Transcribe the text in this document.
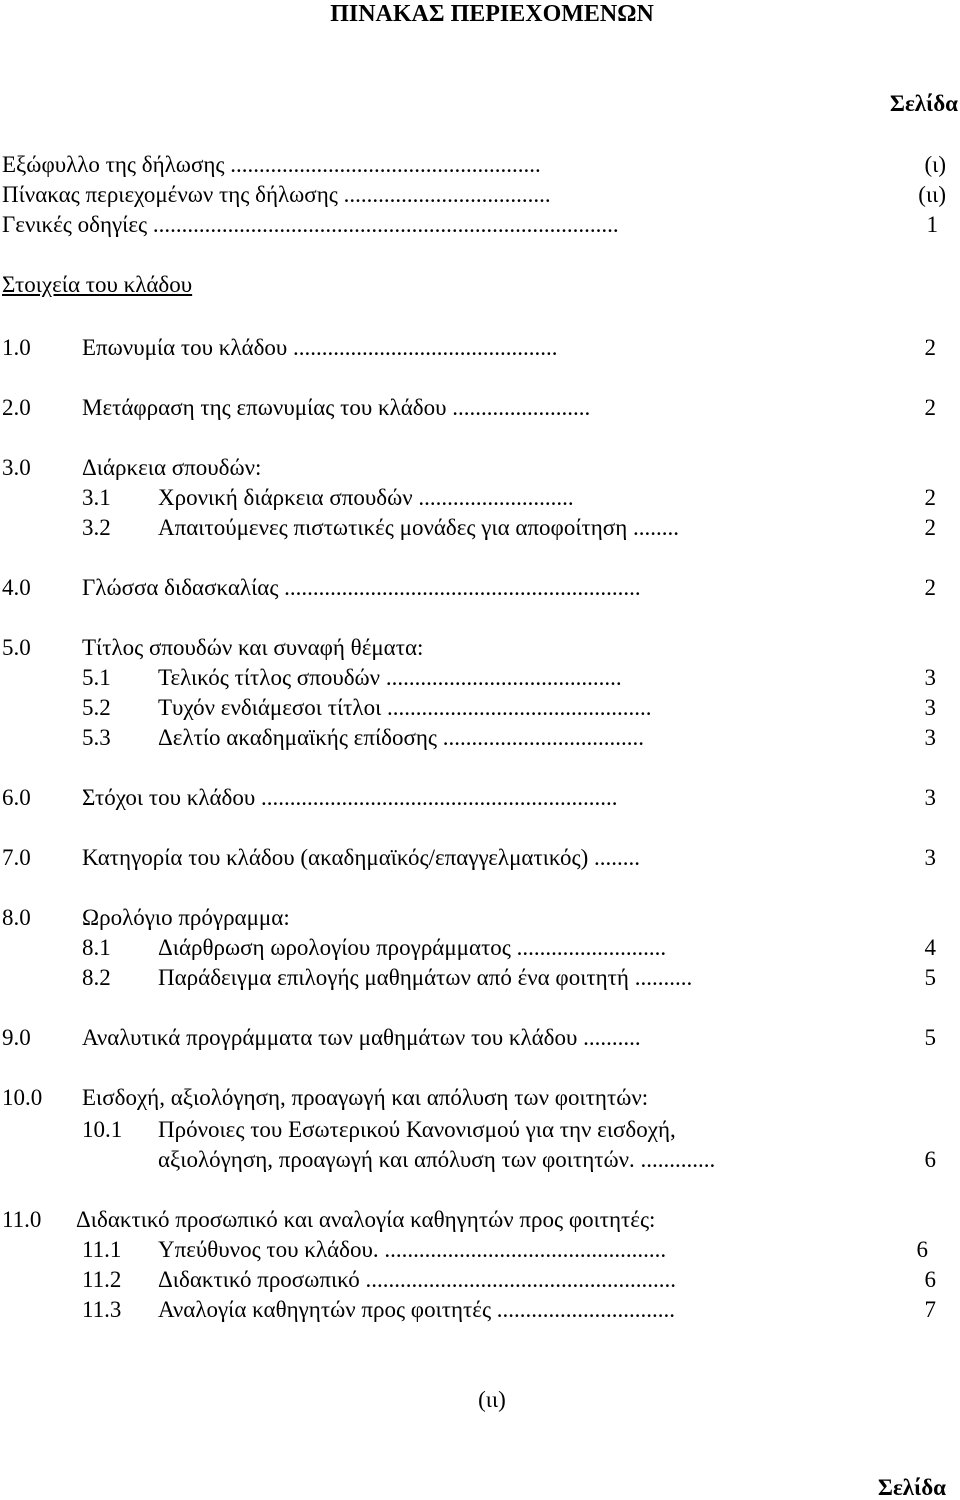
ΠΙΝΑΚΑΣ ΠΕΡΙΕΧΟΜΕΝΩΝ
Σελίδα
Εξώφυλλο της δήλωσης ......................................................	(ι)
Πίνακας περιεχομένων της δήλωσης ....................................	(ιι)
Γενικές οδηγίες .................................................................................	1
Στοιχεία του κλάδου
1.0 Επωνυμία του κλάδου ..............................................	2
2.0 Μετάφραση της επωνυμίας του κλάδου ........................	2
3.0 Διάρκεια σπουδών:
3.1 Χρονική διάρκεια σπουδών ...........................	2
3.2 Απαιτούμενες πιστωτικές μονάδες για αποφοίτηση ........	2
4.0 Γλώσσα διδασκαλίας ..............................................................	2
5.0 Τίτλος σπουδών και συναφή θέματα:
5.1 Τελικός τίτλος σπουδών .........................................	3
5.2 Τυχόν ενδιάμεσοι τίτλοι ..............................................	3
5.3 Δελτίο ακαδημαϊκής επίδοσης ...................................	3
6.0 Στόχοι του κλάδου ..............................................................	3
7.0 Κατηγορία του κλάδου (ακαδημαϊκός/επαγγελματικός) ........	3
8.0 Ωρολόγιο πρόγραμμα:
8.1 Διάρθρωση ωρολογίου προγράμματος ..........................	4
8.2 Παράδειγμα επιλογής μαθημάτων από ένα φοιτητή ..........	5
9.0 Αναλυτικά προγράμματα των μαθημάτων του κλάδου ..........	5
10.0 Εισδοχή, αξιολόγηση, προαγωγή και απόλυση των φοιτητών:
10.1 Πρόνοιες του Εσωτερικού Κανονισμού για την εισδοχή,
αξιολόγηση, προαγωγή και απόλυση των φοιτητών. .............	6
11.0 Διδακτικό προσωπικό και αναλογία καθηγητών προς φοιτητές:
11.1 Υπεύθυνος του κλάδου. .................................................	6
11.2 Διδακτικό προσωπικό ......................................................	6
11.3 Αναλογία καθηγητών προς φοιτητές ...............................	7
(ιι)
Σελίδα
